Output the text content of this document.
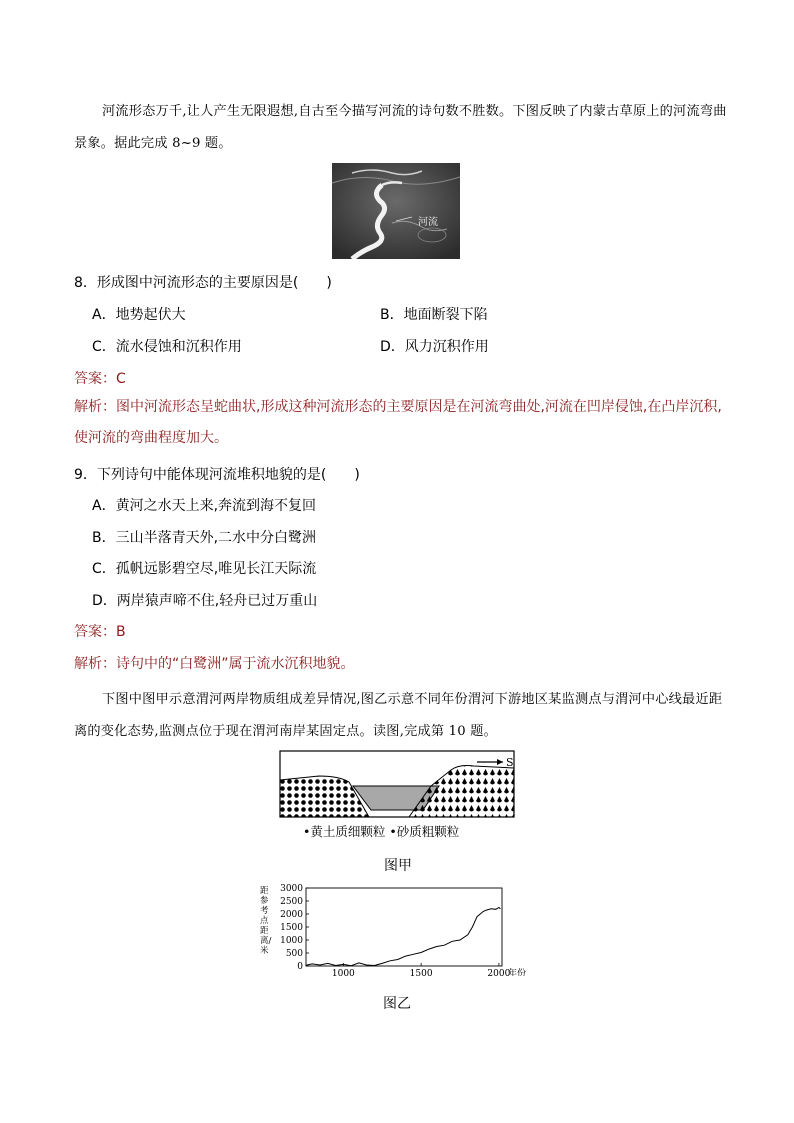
河流形态万千,让人产生无限遐想,自古至今描写河流的诗句数不胜数。下图反映了内蒙古草原上的河流弯曲景象。据此完成 8~9 题。

河流

8．形成图中河流形态的主要原因是(　　)

A．地势起伏大	B．地面断裂下陷

C．流水侵蚀和沉积作用	D．风力沉积作用

答案：C

解析：图中河流形态呈蛇曲状,形成这种河流形态的主要原因是在河流弯曲处,河流在凹岸侵蚀,在凸岸沉积,使河流的弯曲程度加大。

9．下列诗句中能体现河流堆积地貌的是(　　)

A．黄河之水天上来,奔流到海不复回

B．三山半落青天外,二水中分白鹭洲

C．孤帆远影碧空尽,唯见长江天际流

D．两岸猿声啼不住,轻舟已过万重山

答案：B

解析：诗句中的“白鹭洲”属于流水沉积地貌。

下图中图甲示意渭河两岸物质组成差异情况,图乙示意不同年份渭河下游地区某监测点与渭河中心线最近距离的变化态势,监测点位于现在渭河南岸某固定点。读图,完成第 10 题。

S
•黄土质细颗粒 •砂质粗颗粒

图甲

0
500
1000
1500
2000
2500
3000
1000	1500	2000
年份
距参考点距离/米

图乙
